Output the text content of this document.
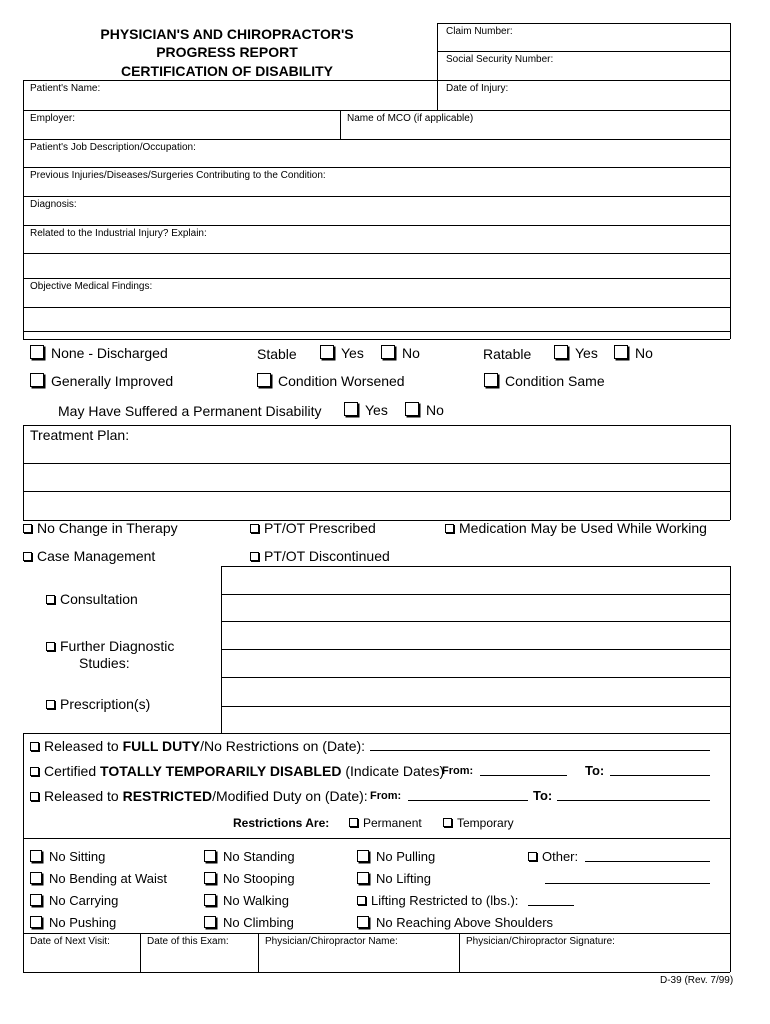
PHYSICIAN'S AND CHIROPRACTOR'S
PROGRESS REPORT
CERTIFICATION OF DISABILITY
Claim Number:
Social Security Number:
Patient's Name:	Date of Injury:
Employer:	Name of MCO (if applicable)
Patient's Job Description/Occupation:
Previous Injuries/Diseases/Surgeries Contributing to the Condition:
Diagnosis:
Related to the Industrial Injury? Explain:
Objective Medical Findings:
None - Discharged	Stable	Yes	No	Ratable	Yes	No
Generally Improved	Condition Worsened	Condition Same
May Have Suffered a Permanent Disability	Yes	No
Treatment Plan:
No Change in Therapy	PT/OT Prescribed	Medication May be Used While Working
Case Management	PT/OT Discontinued
Consultation
Further Diagnostic
Studies:
Prescription(s)
Released to FULL DUTY/No Restrictions on (Date):
Certified TOTALLY TEMPORARILY DISABLED (Indicate Dates)
From:	To:
Released to RESTRICTED/Modified Duty on (Date): From:	To:
Restrictions Are:	Permanent	Temporary
No Sitting	No Standing	No Pulling	Other:
No Bending at Waist	No Stooping	No Lifting
No Carrying	No Walking	Lifting Restricted to (lbs.):
No Pushing	No Climbing	No Reaching Above Shoulders
Date of Next Visit:	Date of this Exam:	Physician/Chiropractor Name:	Physician/Chiropractor Signature:
D-39 (Rev. 7/99)
